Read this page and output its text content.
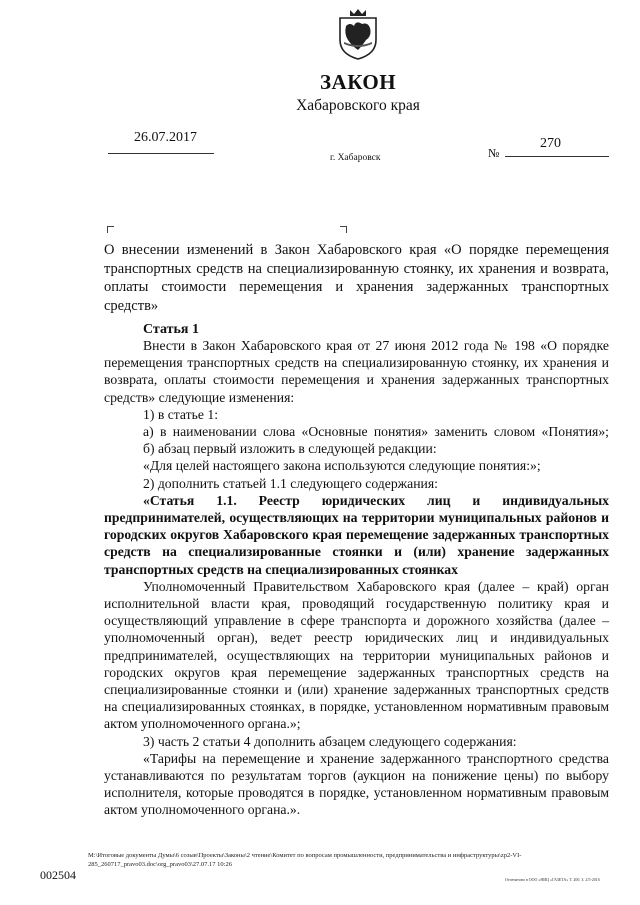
ЗАКОН
Хабаровского края
26.07.2017
№
270
г. Хабаровск
О внесении изменений в Закон Хабаровского края «О порядке перемещения транспортных средств на специализированную стоянку, их хранения и возврата, оплаты стоимости перемещения и хранения задержанных транспортных средств»
Статья 1

Внести в Закон Хабаровского края от 27 июня 2012 года № 198 «О порядке перемещения транспортных средств на специализированную стоянку, их хранения и возврата, оплаты стоимости перемещения и хранения задержанных транспортных средств» следующие изменения:

1) в статье 1:

а) в наименовании слова «Основные понятия» заменить словом «Понятия»;

б) абзац первый изложить в следующей редакции:

«Для целей настоящего закона используются следующие понятия:»;

2) дополнить статьей 1.1 следующего содержания:

«Статья 1.1. Реестр юридических лиц и индивидуальных предпринимателей, осуществляющих на территории муниципальных районов и городских округов Хабаровского края перемещение задержанных транспортных средств на специализированные стоянки и (или) хранение задержанных транспортных средств на специализированных стоянках

Уполномоченный Правительством Хабаровского края (далее – край) орган исполнительной власти края, проводящий государственную политику края и осуществляющий управление в сфере транспорта и дорожного хозяйства (далее – уполномоченный орган), ведет реестр юридических лиц и индивидуальных предпринимателей, осуществляющих на территории муниципальных районов и городских округов края перемещение задержанных транспортных средств на специализированные стоянки и (или) хранение задержанных транспортных средств на специализированных стоянках, в порядке, установленном нормативным правовым актом уполномоченного органа.»;

3) часть 2 статьи 4 дополнить абзацем следующего содержания:

«Тарифы на перемещение и хранение задержанного транспортного средства устанавливаются по результатам торгов (аукцион на понижение цены) по выбору исполнителя, которые проводятся в порядке, установленном нормативным правовым актом уполномоченного органа.».

M:\Итоговые документы Думы\6 созыв\Проекты\Законы\2 чтение\Комитет по вопросам промышленности, предпринимательства и инфраструктуры\zp2-VI-285_260717_pravo03.doc\org_pravo03\27.07.17 10:26
002504	Отпечатано в ООО «НИЦ «ГАЗЕТА» Т. 200. З. 2/5-2016
